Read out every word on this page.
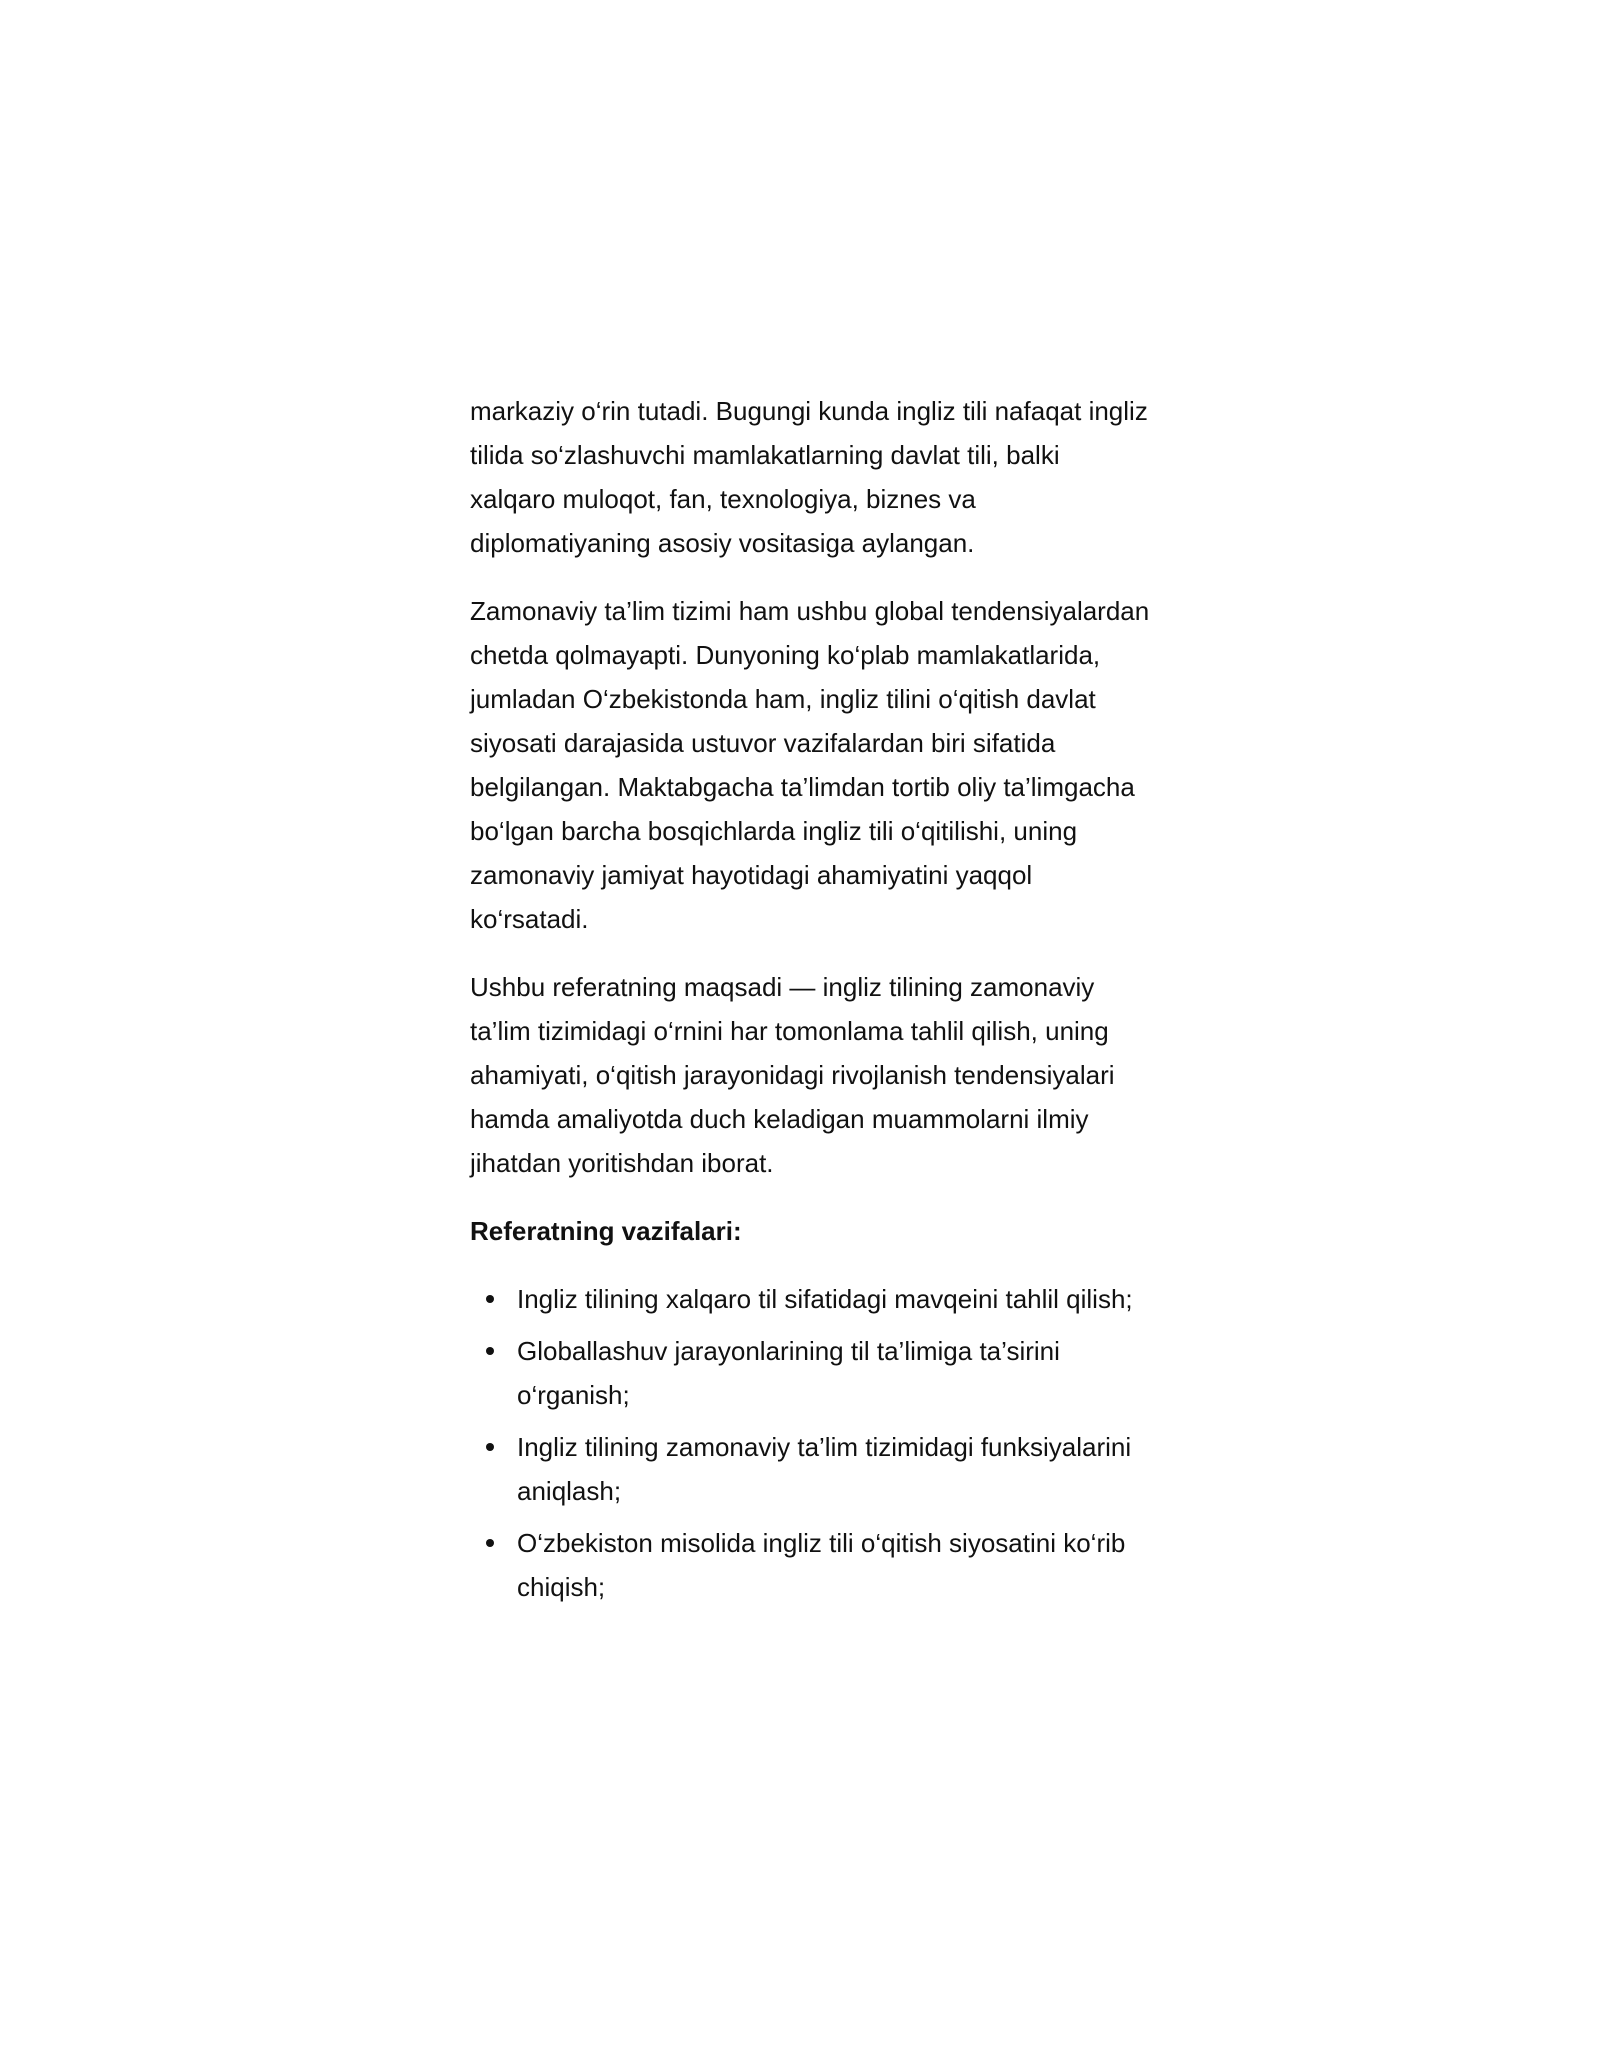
markaziy o‘rin tutadi. Bugungi kunda ingliz tili nafaqat ingliz tilida so‘zlashuvchi mamlakatlarning davlat tili, balki xalqaro muloqot, fan, texnologiya, biznes va diplomatiyaning asosiy vositasiga aylangan.

Zamonaviy ta’lim tizimi ham ushbu global tendensiyalardan chetda qolmayapti. Dunyoning ko‘plab mamlakatlarida, jumladan O‘zbekistonda ham, ingliz tilini o‘qitish davlat siyosati darajasida ustuvor vazifalardan biri sifatida belgilangan. Maktabgacha ta’limdan tortib oliy ta’limgacha bo‘lgan barcha bosqichlarda ingliz tili o‘qitilishi, uning zamonaviy jamiyat hayotidagi ahamiyatini yaqqol ko‘rsatadi.

Ushbu referatning maqsadi — ingliz tilining zamonaviy ta’lim tizimidagi o‘rnini har tomonlama tahlil qilish, uning ahamiyati, o‘qitish jarayonidagi rivojlanish tendensiyalari hamda amaliyotda duch keladigan muammolarni ilmiy jihatdan yoritishdan iborat.

Referatning vazifalari:
Ingliz tilining xalqaro til sifatidagi mavqeini tahlil qilish;
Globallashuv jarayonlarining til ta’limiga ta’sirini o‘rganish;
Ingliz tilining zamonaviy ta’lim tizimidagi funksiyalarini aniqlash;
O‘zbekiston misolida ingliz tili o‘qitish siyosatini ko‘rib chiqish;
